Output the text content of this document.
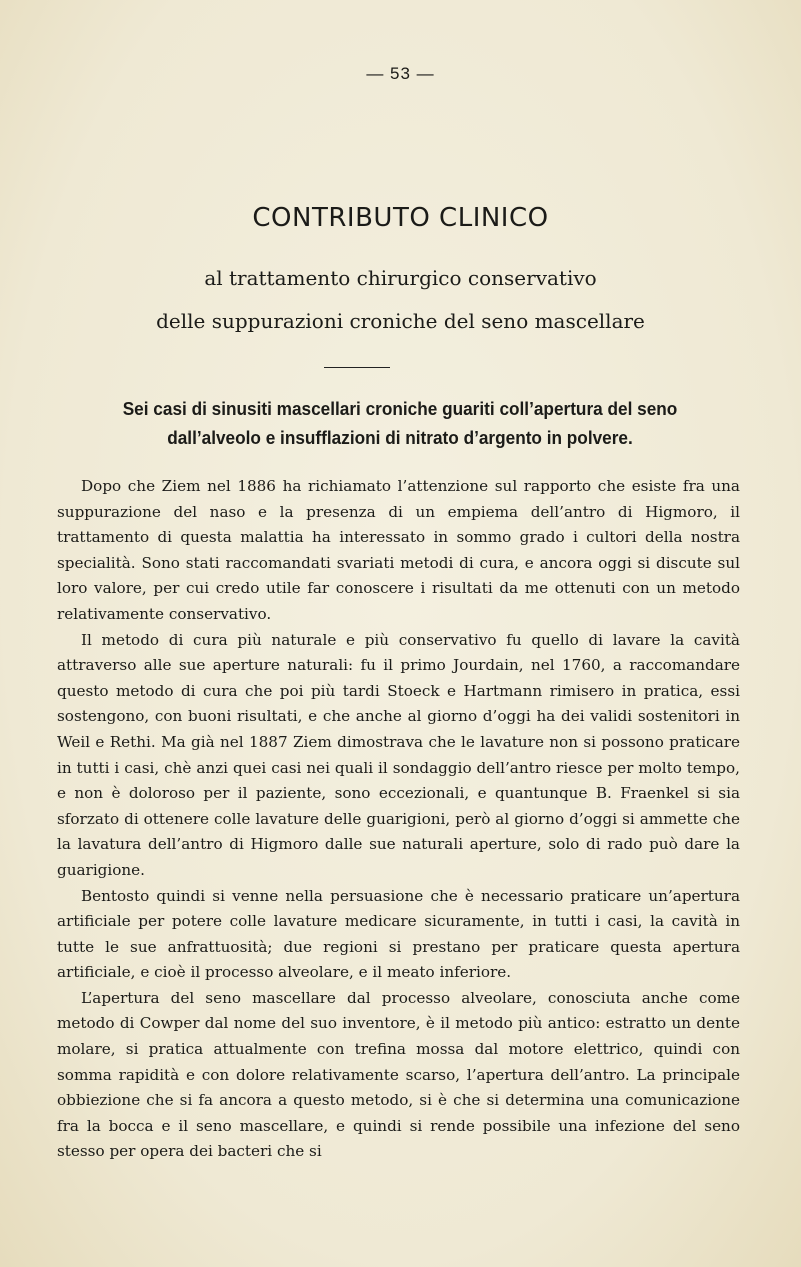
— 53 —
CONTRIBUTO CLINICO
al trattamento chirurgico conservativo
delle suppurazioni croniche del seno mascellare
Sei casi di sinusiti mascellari croniche guariti coll’apertura del seno dall’alveolo e insufflazioni di nitrato d’argento in polvere.

Dopo che Ziem nel 1886 ha richiamato l’attenzione sul rapporto che esiste fra una suppurazione del naso e la presenza di un empiema dell’antro di Higmoro, il trattamento di questa malattia ha interessato in sommo grado i cultori della nostra specialità. Sono stati raccomandati svariati metodi di cura, e ancora oggi si discute sul loro valore, per cui credo utile far conoscere i risultati da me ottenuti con un metodo relativamente conservativo.

Il metodo di cura più naturale e più conservativo fu quello di lavare la cavità attraverso alle sue aperture naturali: fu il primo Jourdain, nel 1760, a raccomandare questo metodo di cura che poi più tardi Stoeck e Hartmann rimisero in pratica, essi sostengono, con buoni risultati, e che anche al giorno d’oggi ha dei validi sostenitori in Weil e Rethi. Ma già nel 1887 Ziem dimostrava che le lavature non si possono praticare in tutti i casi, chè anzi quei casi nei quali il sondaggio dell’antro riesce per molto tempo, e non è doloroso per il paziente, sono eccezionali, e quantunque B. Fraenkel si sia sforzato di ottenere colle lavature delle guarigioni, però al giorno d’oggi si ammette che la lavatura dell’antro di Higmoro dalle sue naturali aperture, solo di rado può dare la guarigione.

Bentosto quindi si venne nella persuasione che è necessario praticare un’apertura artificiale per potere colle lavature medicare sicuramente, in tutti i casi, la cavità in tutte le sue anfrattuosità; due regioni si prestano per praticare questa apertura artificiale, e cioè il processo alveolare, e il meato inferiore.

L’apertura del seno mascellare dal processo alveolare, conosciuta anche come metodo di Cowper dal nome del suo inventore, è il metodo più antico: estratto un dente molare, si pratica attualmente con trefina mossa dal motore elettrico, quindi con somma rapidità e con dolore relativamente scarso, l’apertura dell’antro. La principale obbiezione che si fa ancora a questo metodo, si è che si determina una comunicazione fra la bocca e il seno mascellare, e quindi si rende possibile una infezione del seno stesso per opera dei bacteri che si
